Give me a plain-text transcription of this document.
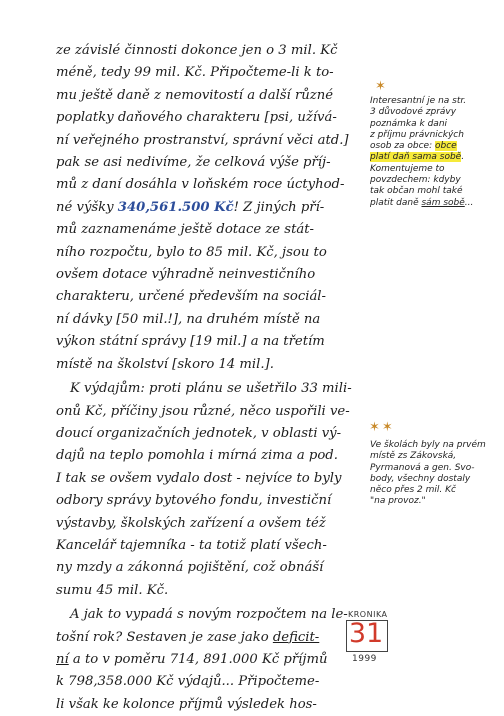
ze závislé činnosti dokonce jen o 3 mil. Kč
méně, tedy 99 mil. Kč. Připočteme-li k to-
mu ještě daně z nemovitostí a další různé
poplatky daňového charakteru [psi, užívá-
ní veřejného prostranství, správní věci atd.]
pak se asi nedivíme, že celková výše příj-
mů z daní dosáhla v loňském roce úctyhod-
né výšky 340,561.500 Kč! Z jiných pří-
mů zaznamenáme ještě dotace ze stát-
ního rozpočtu, bylo to 85 mil. Kč, jsou to
ovšem dotace výhradně neinvestičního
charakteru, určené především na sociál-
ní dávky [50 mil.!], na druhém místě na
výkon státní správy [19 mil.] a na třetím
místě na školství [skoro 14 mil.].
K výdajům: proti plánu se ušetřilo 33 mili-
onů Kč, příčiny jsou různé, něco uspořili ve-
doucí organizačních jednotek, v oblasti vý-
dajů na teplo pomohla i mírná zima a pod.
I tak se ovšem vydalo dost - nejvíce to byly
odbory správy bytového fondu, investiční
výstavby, školských zařízení a ovšem též
Kancelář tajemníka - ta totiž platí všech-
ny mzdy a zákonná pojištění, což obnáší
sumu 45 mil. Kč.
A jak to vypadá s novým rozpočtem na le-
tošní rok? Sestaven je zase jako deficit-
ní a to v poměru 714, 891.000 Kč příjmů
k 798,358.000 Kč výdajů... Připočteme-
li však ke kolonce příjmů výsledek hos-
✶
Interesantní je na str.
3 důvodové zprávy
poznámka k dani
z příjmu právnických
osob za obce: obce
platí daň sama sobě.
Komentujeme to
povzdechem: kdyby
tak občan mohl také
platit daně sám sobě...
✶✶
Ve školách byly na prvém
místě zs Zákovská,
Pyrmanová a gen. Svo-
body, všechny dostaly
něco přes 2 mil. Kč
"na provoz."
KRONIKA
31
1999
